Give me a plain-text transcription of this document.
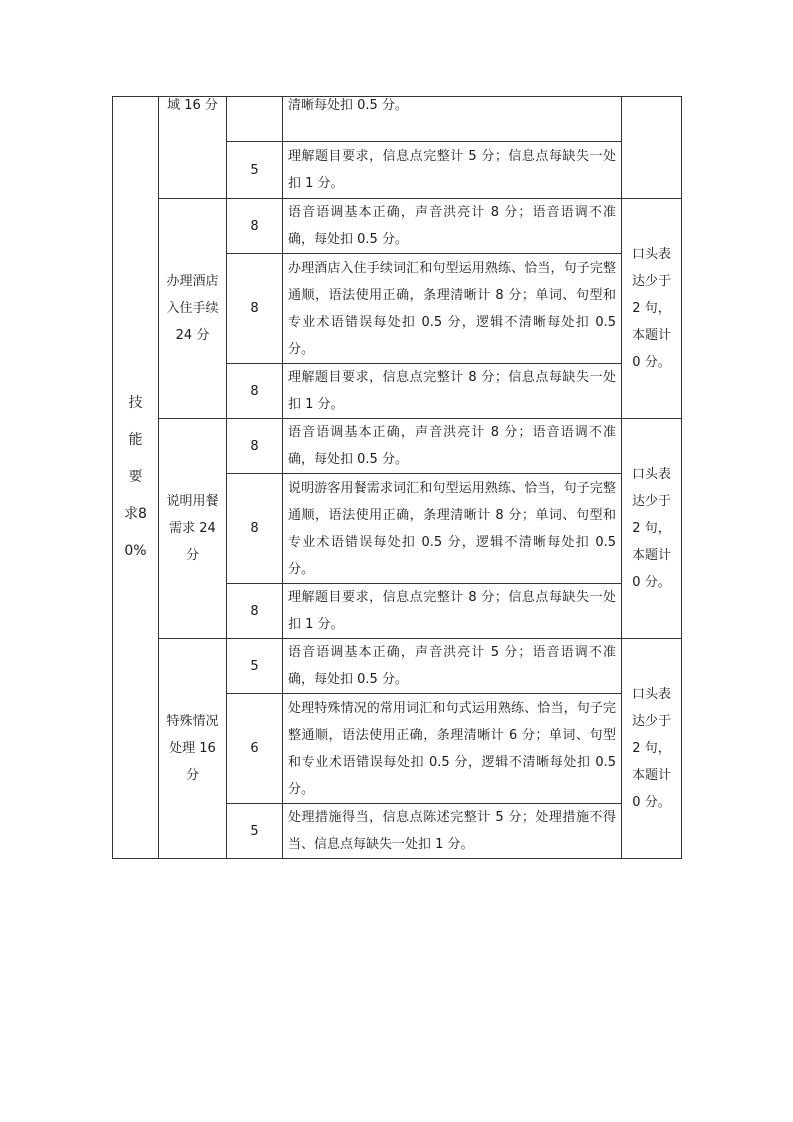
技能要求80%	域 16 分		清晰每处扣 0.5 分。	
		5	理解题目要求，信息点完整计 5 分；信息点每缺失一处扣 1 分。	
	办理酒店入住手续 24 分	8	语音语调基本正确，声音洪亮计 8 分；语音语调不准确，每处扣 0.5 分。	口头表达少于 2 句，本题计 0 分。
		8	办理酒店入住手续词汇和句型运用熟练、恰当，句子完整通顺，语法使用正确，条理清晰计 8 分；单词、句型和专业术语错误每处扣 0.5 分，逻辑不清晰每处扣 0.5 分。	
		8	理解题目要求，信息点完整计 8 分；信息点每缺失一处扣 1 分。	
	说明用餐需求 24 分	8	语音语调基本正确，声音洪亮计 8 分；语音语调不准确，每处扣 0.5 分。	口头表达少于 2 句，本题计 0 分。
		8	说明游客用餐需求词汇和句型运用熟练、恰当，句子完整通顺，语法使用正确，条理清晰计 8 分；单词、句型和专业术语错误每处扣 0.5 分，逻辑不清晰每处扣 0.5 分。	
		8	理解题目要求，信息点完整计 8 分；信息点每缺失一处扣 1 分。	
	特殊情况处理 16 分	5	语音语调基本正确，声音洪亮计 5 分；语音语调不准确，每处扣 0.5 分。	口头表达少于 2 句，本题计 0 分。
		6	处理特殊情况的常用词汇和句式运用熟练、恰当，句子完整通顺，语法使用正确，条理清晰计 6 分；单词、句型和专业术语错误每处扣 0.5 分，逻辑不清晰每处扣 0.5 分。	
		5	处理措施得当，信息点陈述完整计 5 分；处理措施不得当、信息点每缺失一处扣 1 分。	
